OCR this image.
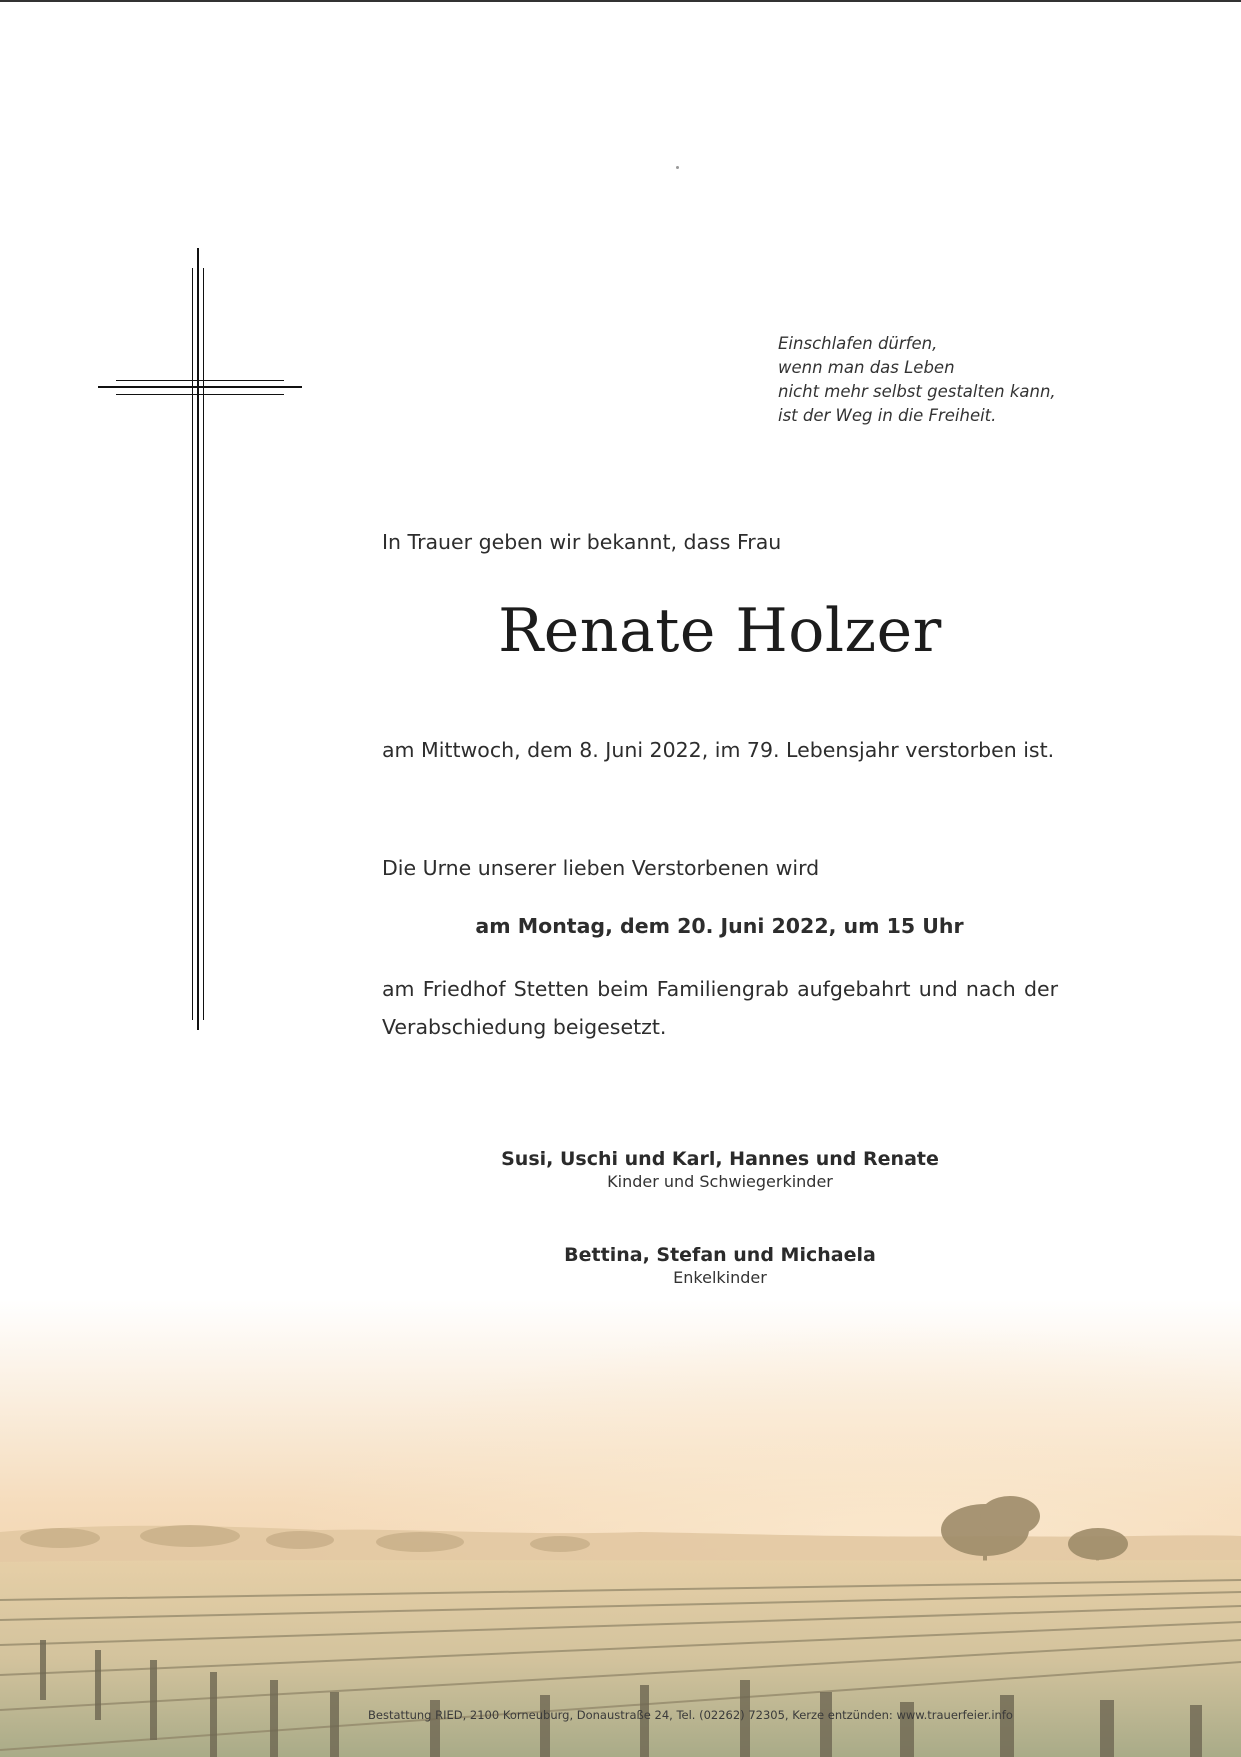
Einschlafen dürfen,
wenn man das Leben
nicht mehr selbst gestalten kann,
ist der Weg in die Freiheit.
In Trauer geben wir bekannt, dass Frau
Renate Holzer
am Mittwoch, dem 8. Juni 2022, im 79. Lebensjahr verstorben ist.
Die Urne unserer lieben Verstorbenen wird
am Montag, dem 20. Juni 2022, um 15 Uhr
am Friedhof Stetten beim Familiengrab aufgebahrt und nach der Verabschiedung beigesetzt.
Susi, Uschi und Karl, Hannes und Renate
Kinder und Schwiegerkinder
Bettina, Stefan und Michaela
Enkelkinder
Bestattung RIED, 2100 Korneuburg, Donaustraße 24, Tel. (02262) 72305, Kerze entzünden: www.trauerfeier.info
